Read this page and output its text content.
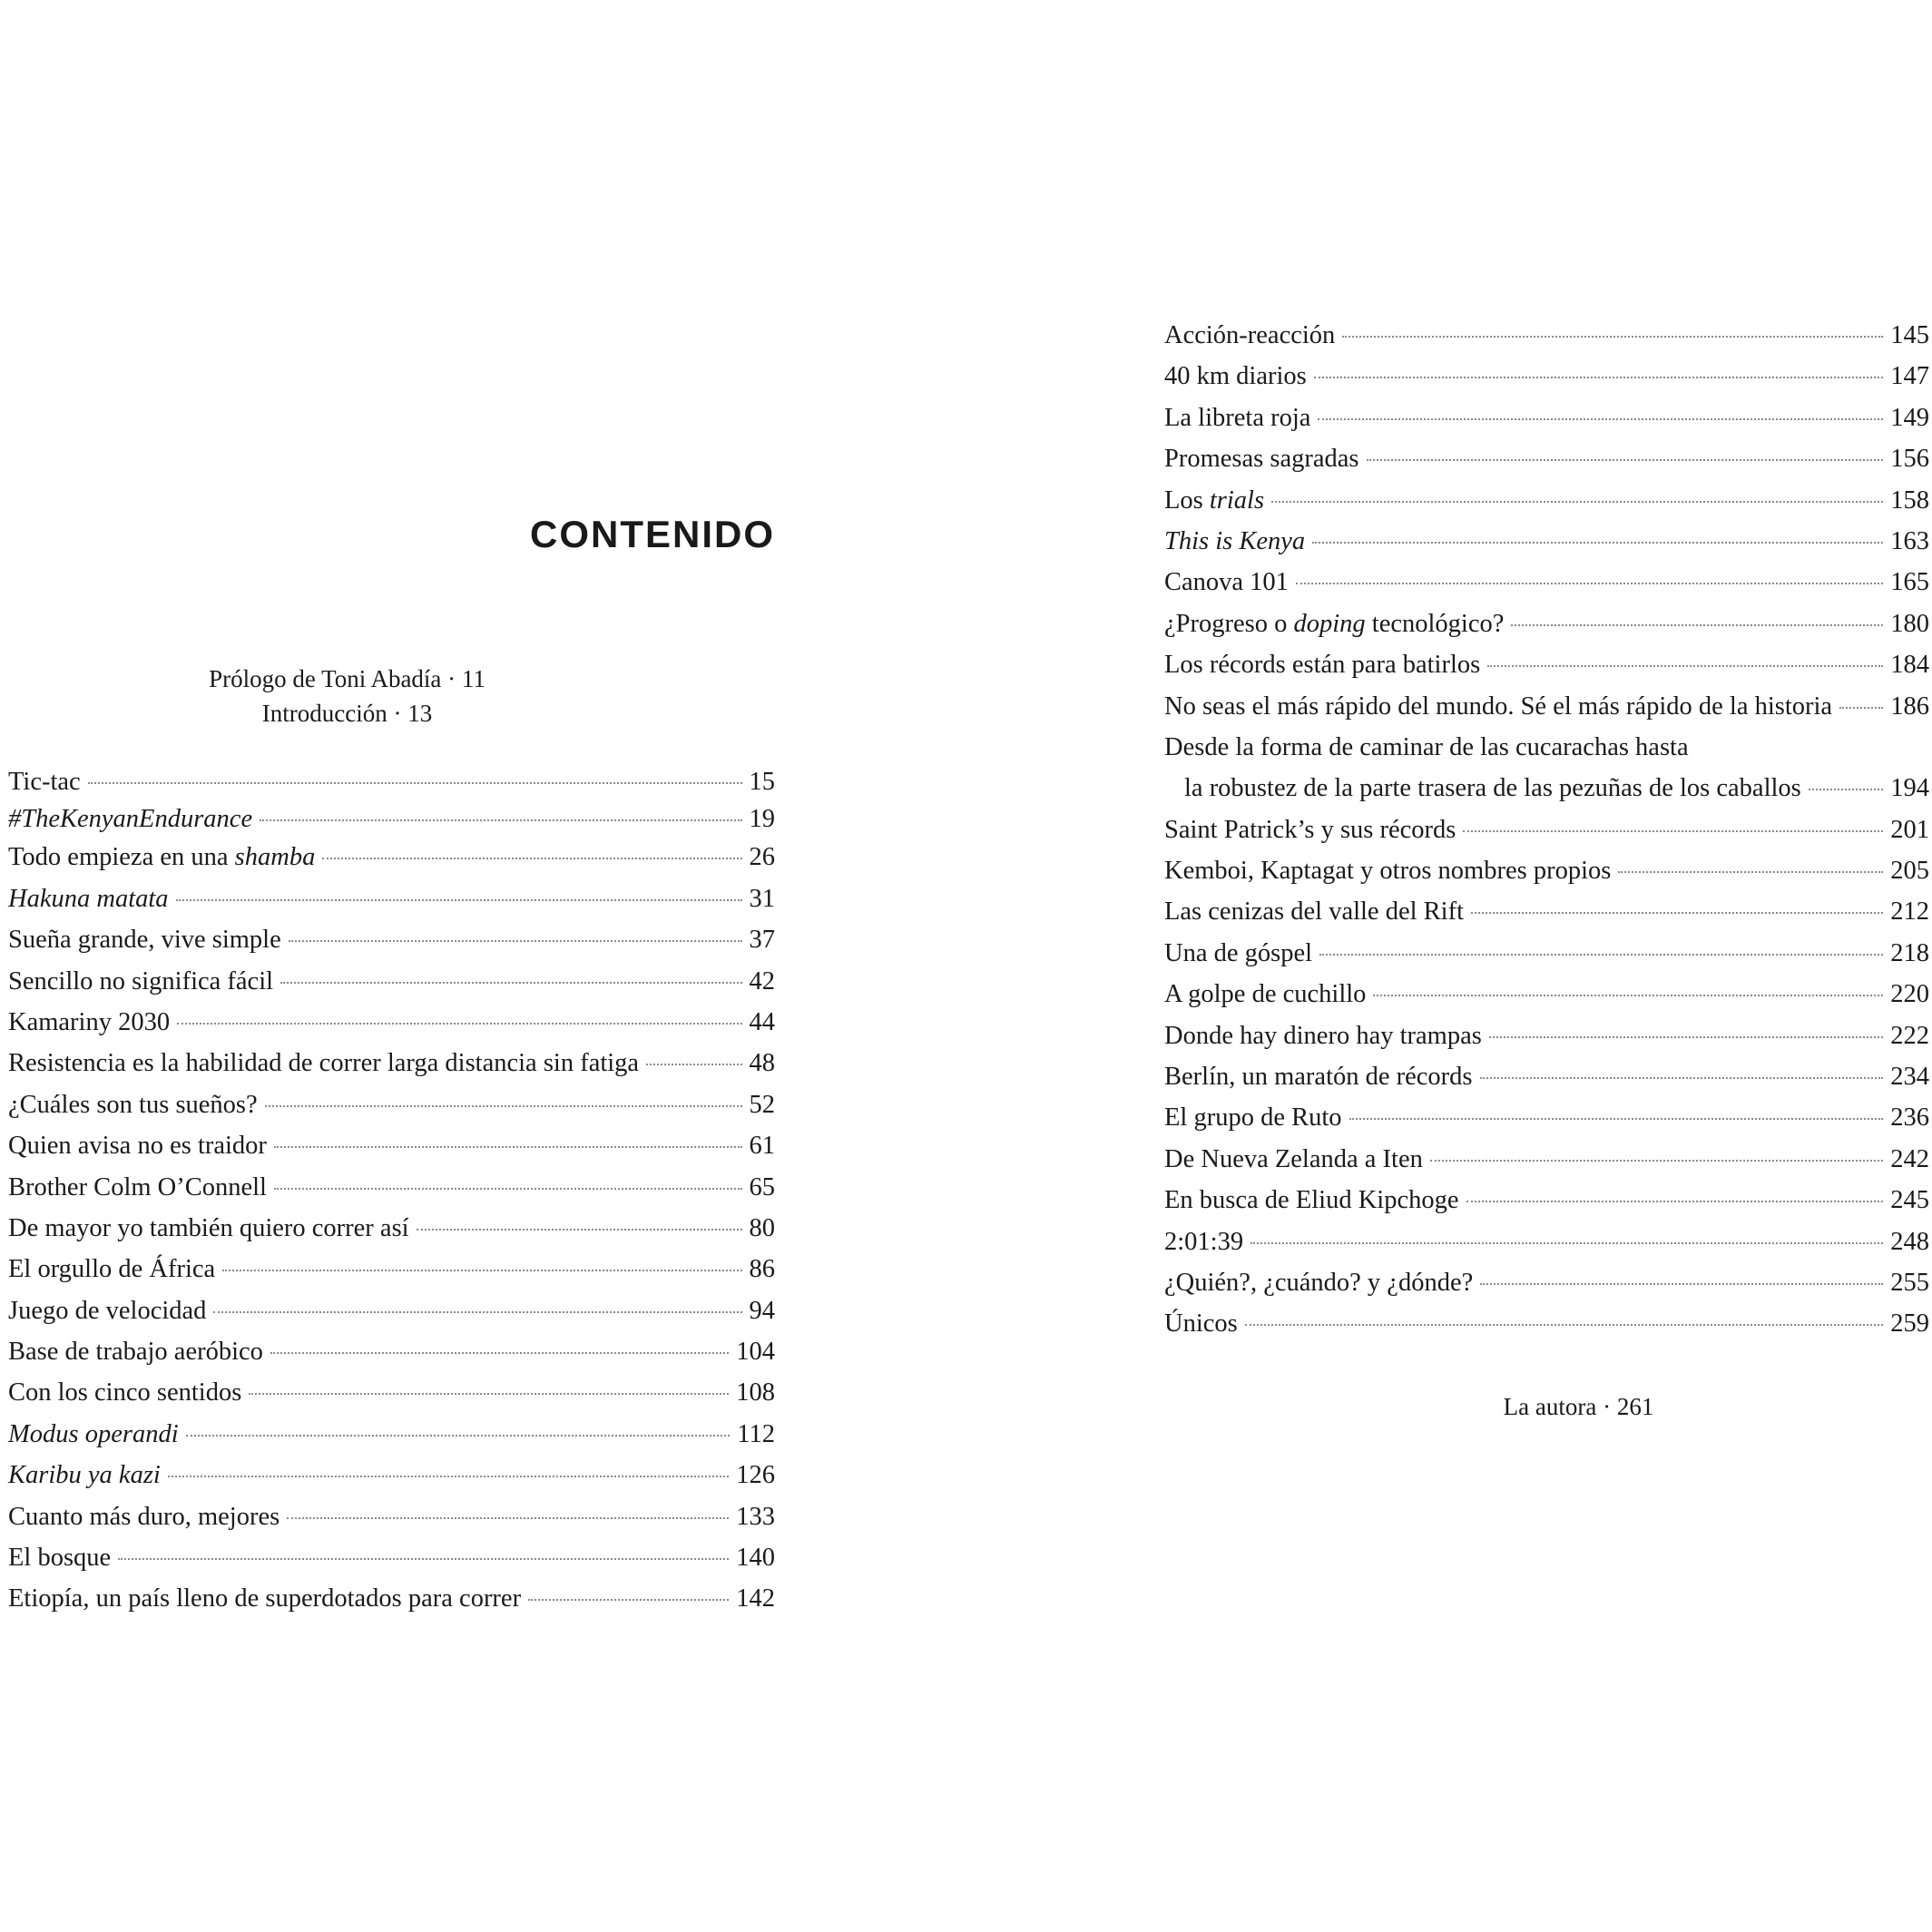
CONTENIDO
Prólogo de Toni Abadía · 11
Introducción · 13
Tic-tac	15
#TheKenyanEndurance	19
Todo empieza en una shamba	26
Hakuna matata	31
Sueña grande, vive simple	37
Sencillo no significa fácil	42
Kamariny 2030	44
Resistencia es la habilidad de correr larga distancia sin fatiga	48
¿Cuáles son tus sueños?	52
Quien avisa no es traidor	61
Brother Colm O’Connell	65
De mayor yo también quiero correr así	80
El orgullo de África	86
Juego de velocidad	94
Base de trabajo aeróbico	104
Con los cinco sentidos	108
Modus operandi	112
Karibu ya kazi	126
Cuanto más duro, mejores	133
El bosque	140
Etiopía, un país lleno de superdotados para correr	142
Acción-reacción	145
40 km diarios	147
La libreta roja	149
Promesas sagradas	156
Los trials	158
This is Kenya	163
Canova 101	165
¿Progreso o doping tecnológico?	180
Los récords están para batirlos	184
No seas el más rápido del mundo. Sé el más rápido de la historia 186
Desde la forma de caminar de las cucarachas hasta
la robustez de la parte trasera de las pezuñas de los caballos	194
Saint Patrick’s y sus récords	201
Kemboi, Kaptagat y otros nombres propios	205
Las cenizas del valle del Rift	212
Una de góspel	218
A golpe de cuchillo	220
Donde hay dinero hay trampas	222
Berlín, un maratón de récords	234
El grupo de Ruto	236
De Nueva Zelanda a Iten	242
En busca de Eliud Kipchoge	245
2:01:39	248
¿Quién?, ¿cuándo? y ¿dónde?	255
Únicos	259
La autora · 261
